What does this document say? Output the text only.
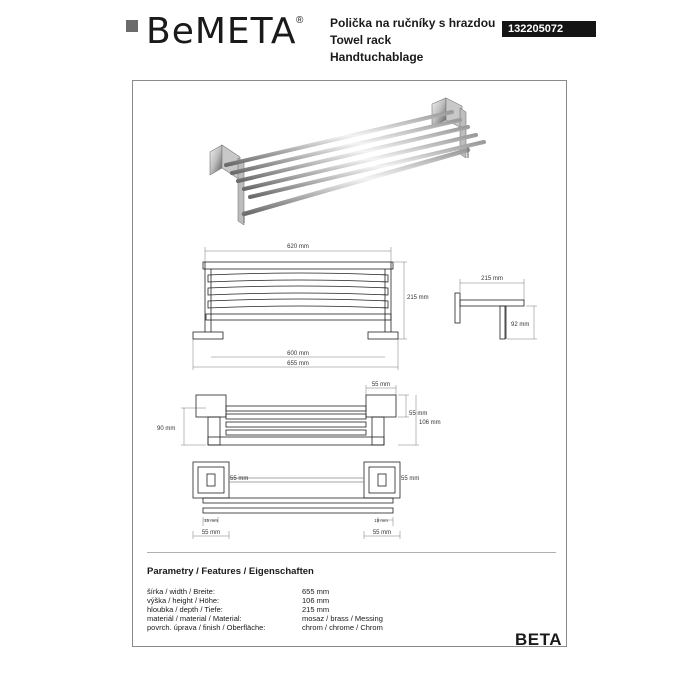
BeMETA ® Polička na ručníky s hrazdou
Towel rack
Handtuchablage
132205072
620 mm
215 mm
600 mm
655 mm
215 mm
92 mm
55 mm
55 mm
106 mm
90 mm
55 mm	55 mm
15 mm	15 mm
55 mm	55 mm
Parametry / Features / Eigenschaften
šírka / width / Breite:	655 mm
výška / height / Höhe:	106 mm
hloubka / depth / Tiefe:	215 mm
materiál / material / Material:	mosaz / brass / Messing
povrch. úprava / finish / Oberfläche:	chrom / chrome / Chrom
BETA
